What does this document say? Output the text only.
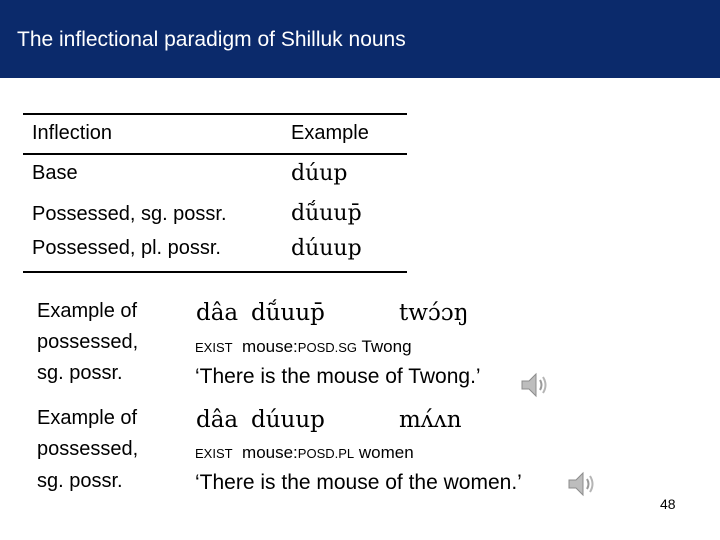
The inflectional paradigm of Shilluk nouns
Inflection	Example
Base	dúup
Possessed, sg. possr.	dṹuup̄
Possessed, pl. possr.	dúuup
Example of
possessed,
sg. possr.
dâa dṹuup̄	twɔ́ɔŋ
EXIST mouse:POSD.SG Twong
‘There is the mouse of Twong.’
Example of
possessed,
sg. possr.
dâa dúuup	mʌ́ʌn
EXIST mouse:POSD.PL women
‘There is the mouse of the women.’
48
